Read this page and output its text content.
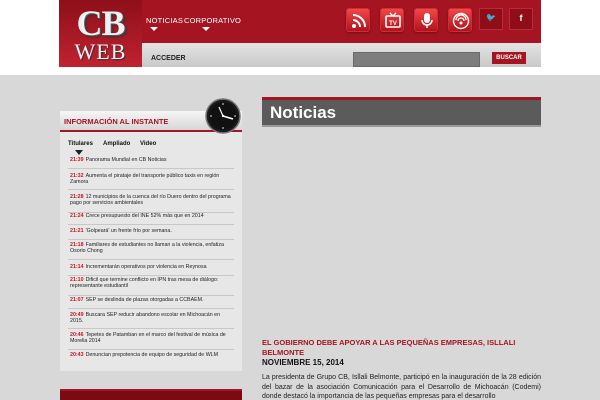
CB
WEB
NOTICIAS CORPORATIVO	TV
🐦	f
ACCEDER	BUSCAR
INFORMACIÓN AL INSTANTE
Titulares Ampliado Video
21:39 Panorama Mundial en CB Noticias
21:32 Aumenta el pirataje del transporte público taxis en región Zamora
21:28 12 municipios de la cuenca del río Duero dentro del programa pago por servicios ambientales
21:24 Crece presupuesto del INE 52% más que en 2014
21:21 'Golpeará' un frente frío por semana.
21:18 Familiares de estudiantes no llaman a la violencia, enfatiza Osorio Chong
21:14 Incrementarán operativos por violencia en Reynosa
21:10 Dificil que termine conflicto en IPN tras mesa de diálogo: representante estudiantil
21:07 SEP se deslinda de plazas otorgadas a CCBAEM.
20:49 Buscara SEP reducir abandono escolar en Michoacán en 2015.
20:46 Tepetes de Patamban en el marco del festival de música de Morelia 2014
20:43 Denuncian prepotencia de equipo de seguridad de WLM
Noticias
EL GOBIERNO DEBE APOYAR A LAS PEQUEÑAS EMPRESAS, ISLLALI BELMONTE
NOVIEMBRE 15, 2014
La presidenta de Grupo CB, Isllali Belmonte, participó en la inauguración de la 28 edición del bazar de la asociación Comunicación para el Desarrollo de Michoacán (Codemi) donde destacó la importancia de las pequeñas empresas para el desarrollo
